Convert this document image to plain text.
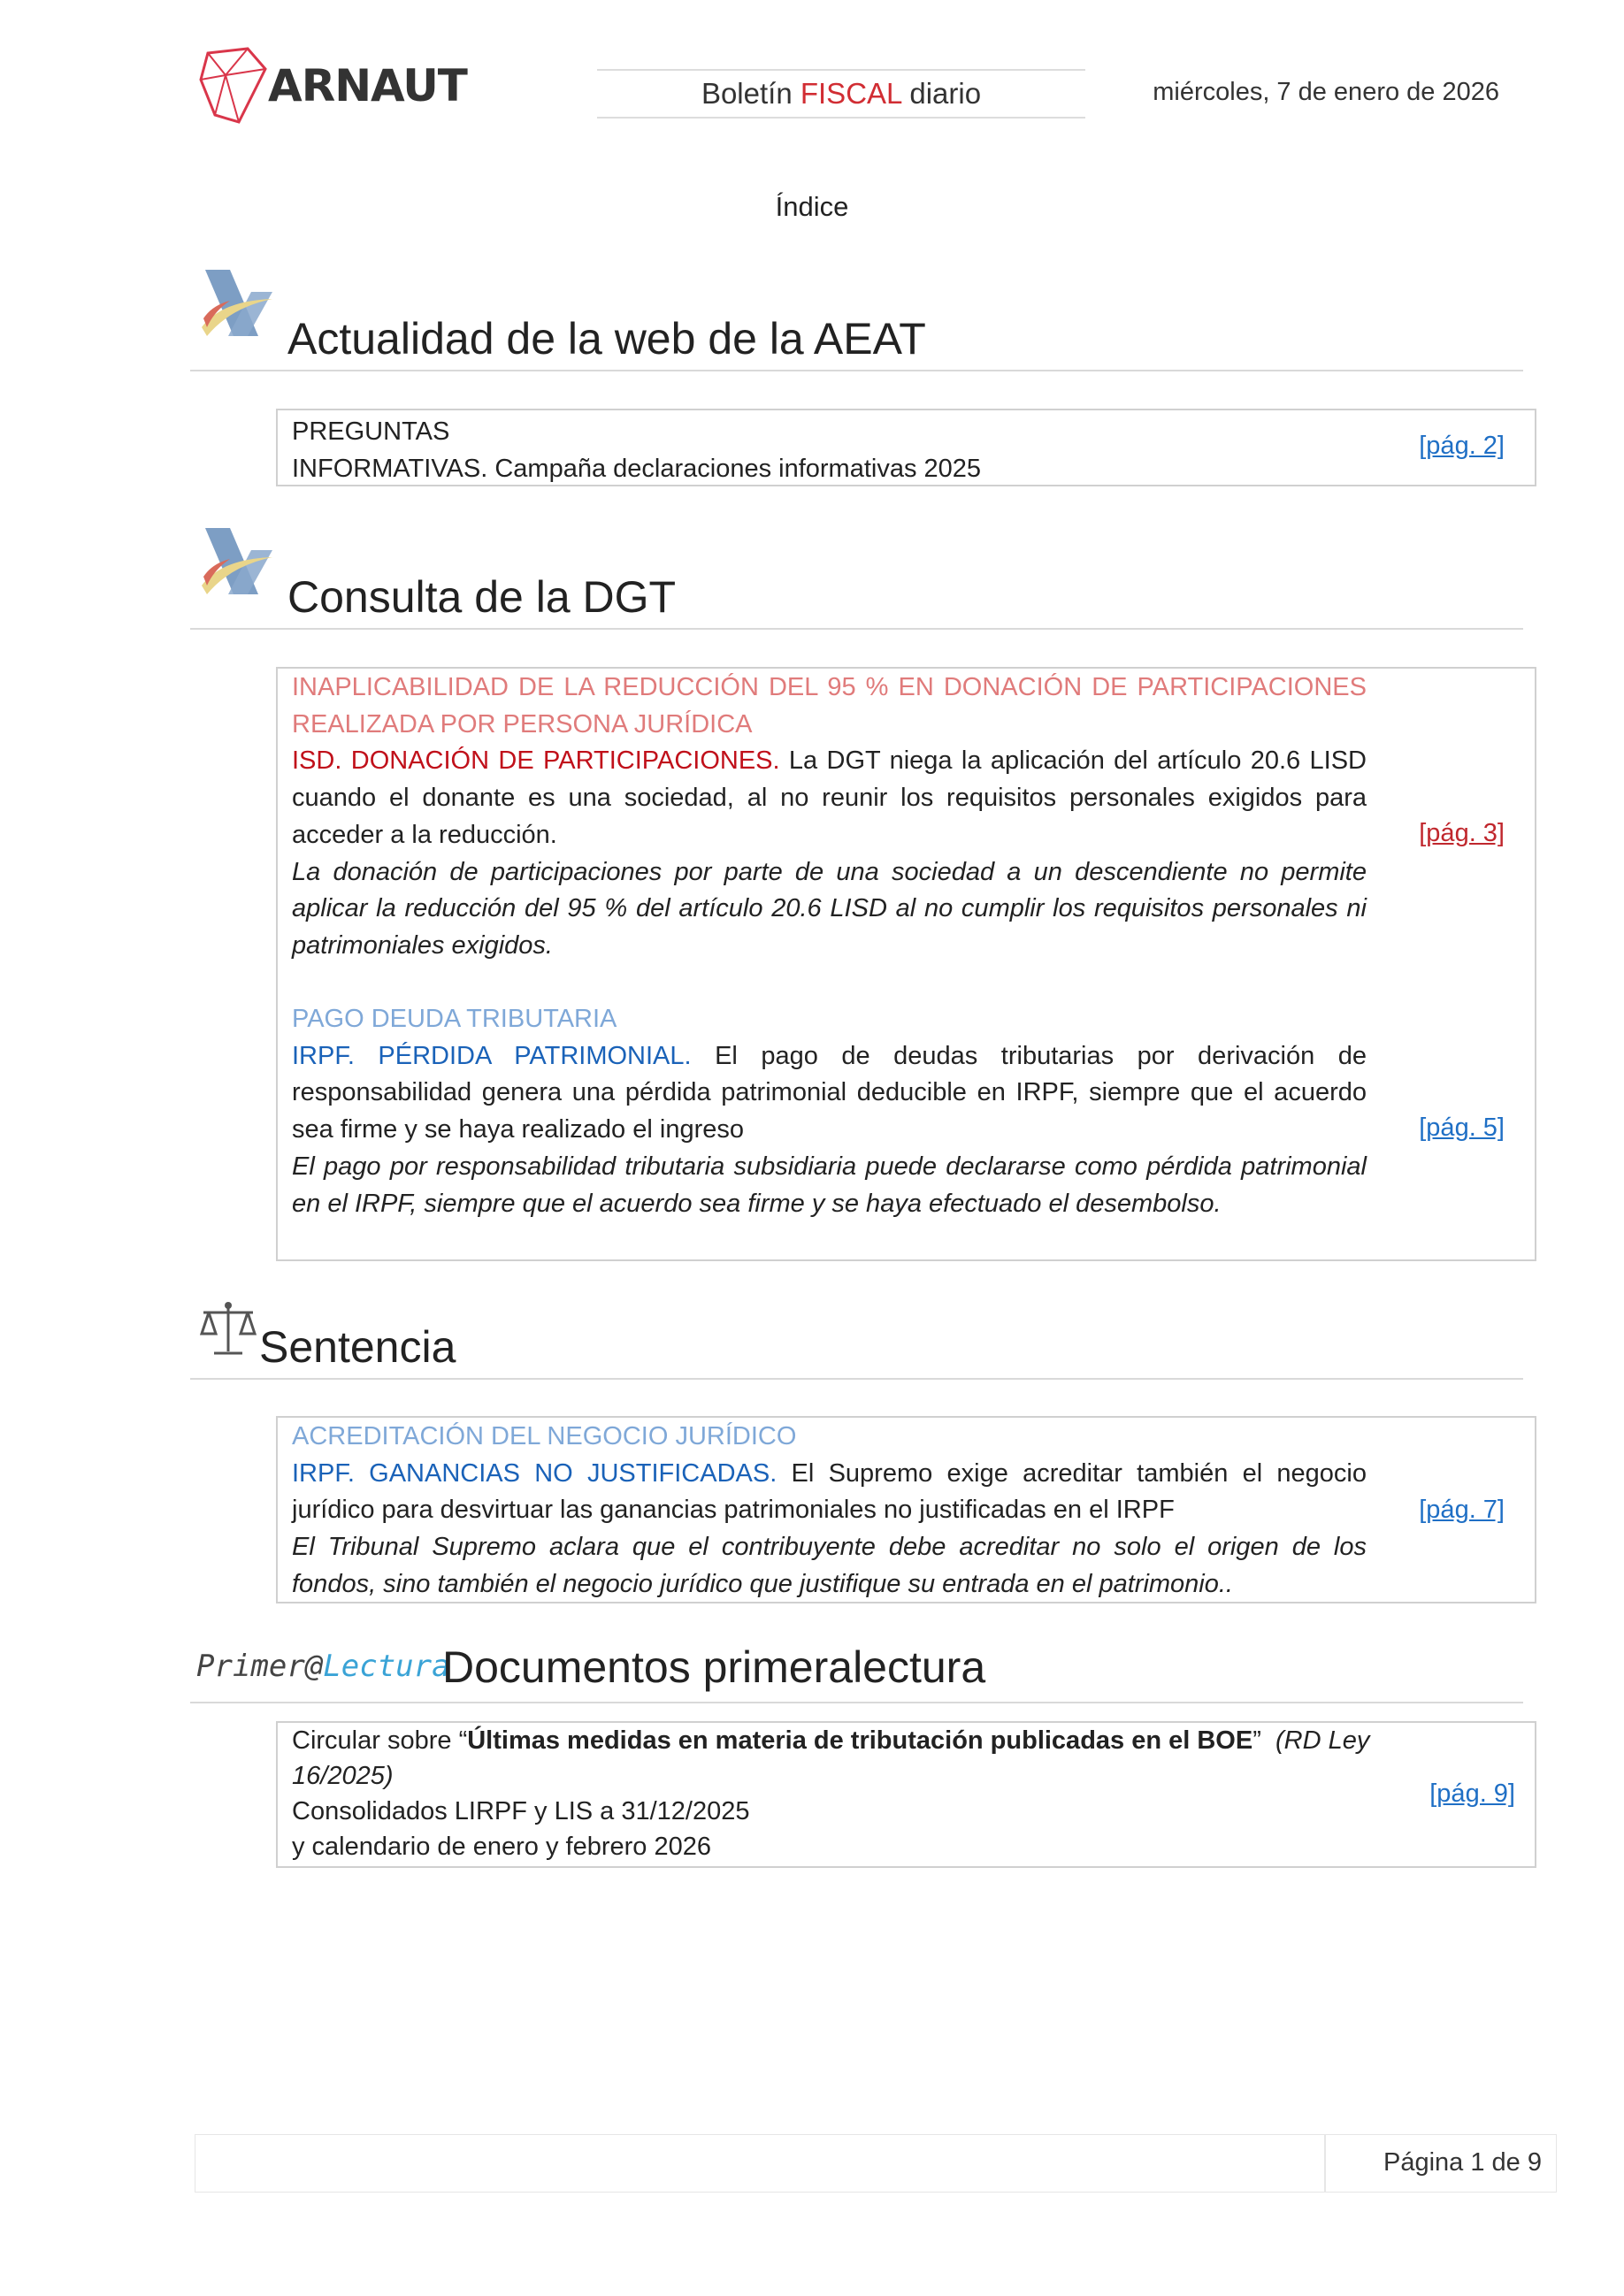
ARNAUT	Boletín FISCAL diario	miércoles, 7 de enero de 2026
Índice
Actualidad de la web de la AEAT
PREGUNTAS
INFORMATIVAS. Campaña declaraciones informativas 2025
[pág. 2]
Consulta de la DGT
INAPLICABILIDAD DE LA REDUCCIÓN DEL 95 % EN DONACIÓN DE PARTICIPACIONES REALIZADA POR PERSONA JURÍDICA
ISD. DONACIÓN DE PARTICIPACIONES. La DGT niega la aplicación del artículo 20.6 LISD cuando el donante es una sociedad, al no reunir los requisitos personales exigidos para acceder a la reducción.
La donación de participaciones por parte de una sociedad a un descendiente no permite aplicar la reducción del 95 % del artículo 20.6 LISD al no cumplir los requisitos personales ni patrimoniales exigidos.
[pág. 3]
PAGO DEUDA TRIBUTARIA
IRPF. PÉRDIDA PATRIMONIAL. El pago de deudas tributarias por derivación de responsabilidad genera una pérdida patrimonial deducible en IRPF, siempre que el acuerdo sea firme y se haya realizado el ingreso
El pago por responsabilidad tributaria subsidiaria puede declararse como pérdida patrimonial en el IRPF, siempre que el acuerdo sea firme y se haya efectuado el desembolso.
[pág. 5]
Sentencia
ACREDITACIÓN DEL NEGOCIO JURÍDICO
IRPF. GANANCIAS NO JUSTIFICADAS. El Supremo exige acreditar también el negocio jurídico para desvirtuar las ganancias patrimoniales no justificadas en el IRPF
El Tribunal Supremo aclara que el contribuyente debe acreditar no solo el origen de los fondos, sino también el negocio jurídico que justifique su entrada en el patrimonio..
[pág. 7]
Primer@Lectura
Documentos primeralectura
Circular sobre “Últimas medidas en materia de tributación publicadas en el BOE” (RD Ley 16/2025)
Consolidados LIRPF y LIS a 31/12/2025
y calendario de enero y febrero 2026
[pág. 9]
Página 1 de 9
